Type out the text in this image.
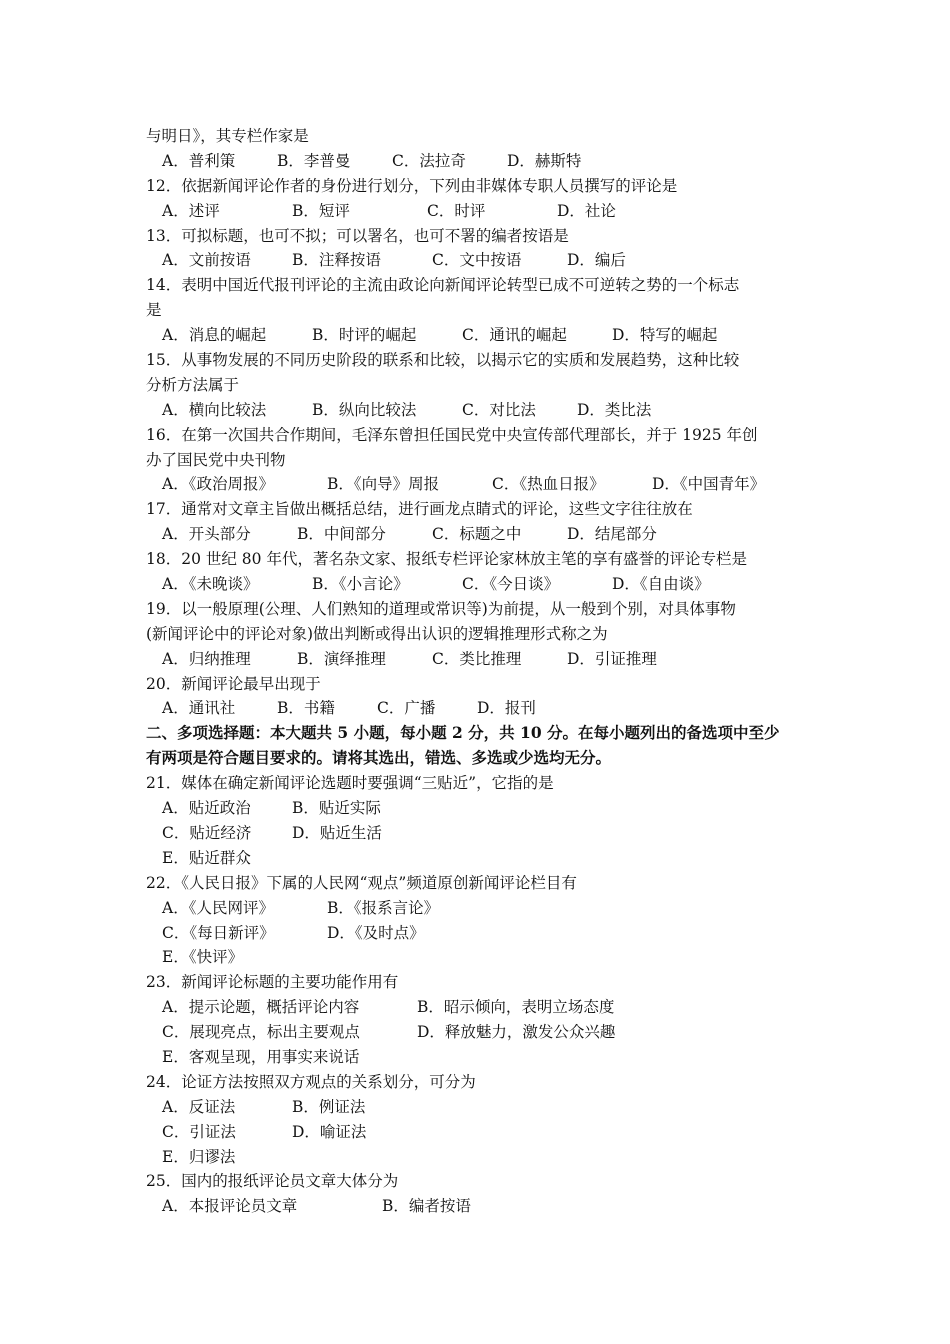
与明日》，其专栏作家是
A．普利策	B．李普曼	C．法拉奇	D．赫斯特
12．依据新闻评论作者的身份进行划分，下列由非媒体专职人员撰写的评论是
A．述评	B．短评	C．时评	D．社论
13．可拟标题，也可不拟；可以署名，也可不署的编者按语是
A．文前按语	B．注释按语	C．文中按语	D．编后
14．表明中国近代报刊评论的主流由政论向新闻评论转型已成不可逆转之势的一个标志
是
A．消息的崛起	B．时评的崛起	C．通讯的崛起	D．特写的崛起
15．从事物发展的不同历史阶段的联系和比较，以揭示它的实质和发展趋势，这种比较
分析方法属于
A．横向比较法	B．纵向比较法	C．对比法	D．类比法
16．在第一次国共合作期间，毛泽东曾担任国民党中央宣传部代理部长，并于 1925 年创
办了国民党中央刊物
A．《政治周报》	B．《向导》周报	C．《热血日报》	D．《中国青年》
17．通常对文章主旨做出概括总结，进行画龙点睛式的评论，这些文字往往放在
A．开头部分	B．中间部分	C．标题之中	D．结尾部分
18．20 世纪 80 年代，著名杂文家、报纸专栏评论家林放主笔的享有盛誉的评论专栏是
A．《未晚谈》	B．《小言论》	C．《今日谈》	D．《自由谈》
19．以一般原理(公理、人们熟知的道理或常识等)为前提，从一般到个别，对具体事物
(新闻评论中的评论对象)做出判断或得出认识的逻辑推理形式称之为
A．归纳推理	B．演绎推理	C．类比推理	D．引证推理
20．新闻评论最早出现于
A．通讯社	B．书籍	C．广播	D．报刊
二、多项选择题：本大题共 5 小题，每小题 2 分，共 10 分。在每小题列出的备选项中至少
有两项是符合题目要求的。请将其选出，错选、多选或少选均无分。
21．媒体在确定新闻评论选题时要强调“三贴近”，它指的是
A．贴近政治	B．贴近实际
C．贴近经济	D．贴近生活
E．贴近群众
22．《人民日报》下属的人民网“观点”频道原创新闻评论栏目有
A．《人民网评》	B．《报系言论》
C．《每日新评》	D．《及时点》
E．《快评》
23．新闻评论标题的主要功能作用有
A．提示论题，概括评论内容	B．昭示倾向，表明立场态度
C．展现亮点，标出主要观点	D．释放魅力，激发公众兴趣
E．客观呈现，用事实来说话
24．论证方法按照双方观点的关系划分，可分为
A．反证法	B．例证法
C．引证法	D．喻证法
E．归谬法
25．国内的报纸评论员文章大体分为
A．本报评论员文章	B．编者按语
